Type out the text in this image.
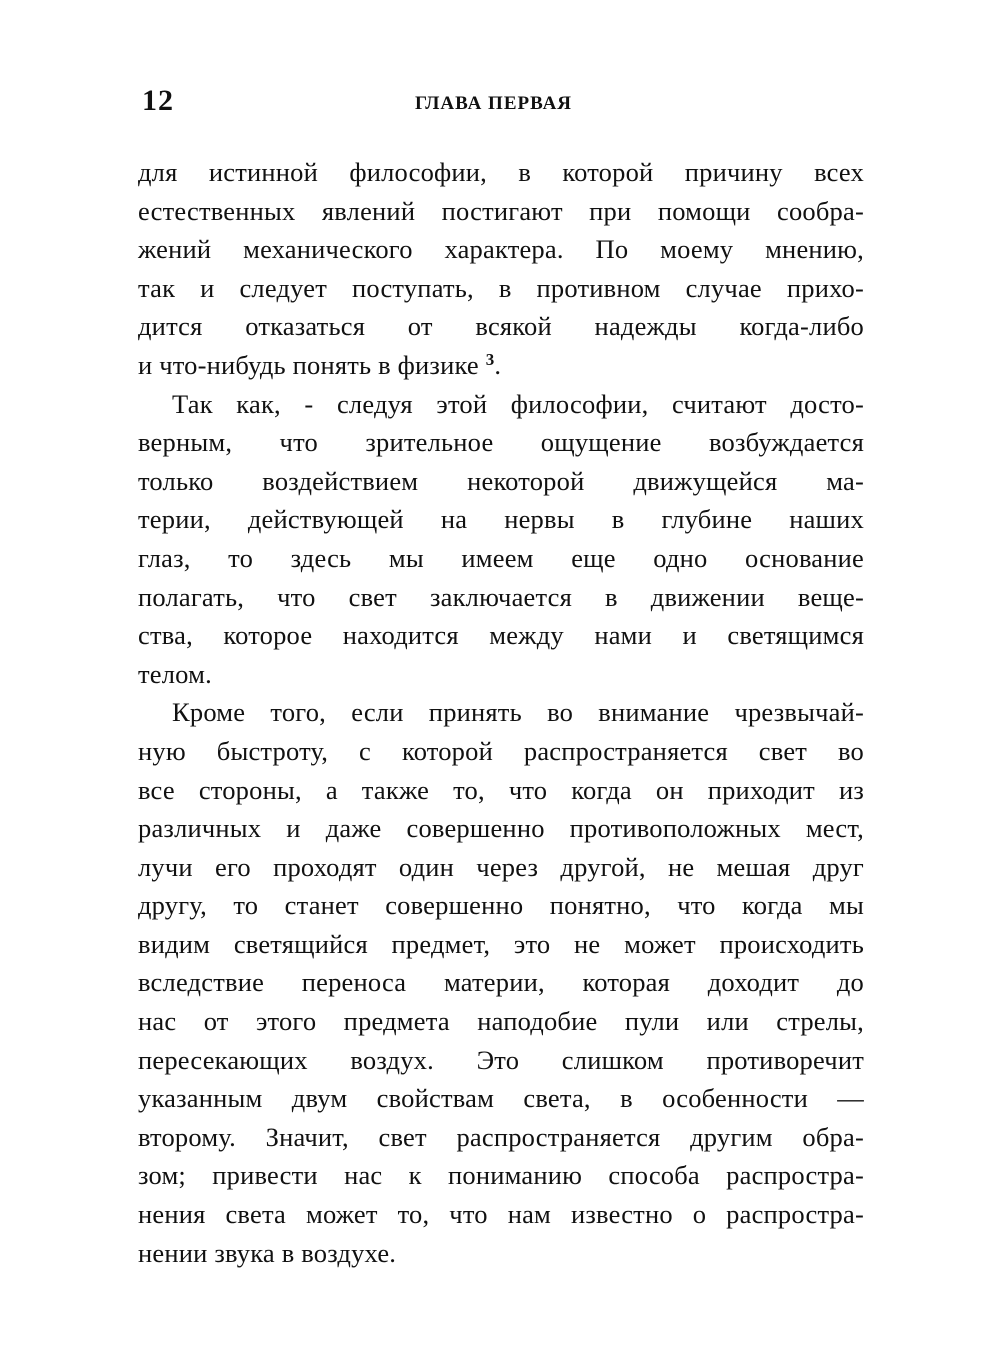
12	ГЛАВА ПЕРВАЯ
для истинной философии, в которой причину всех
естественных явлений постигают при помощи сообра-
жений механического характера. По моему мнению,
так и следует поступать, в противном случае прихо-
дится отказаться от всякой надежды когда-либо
и что-нибудь понять в физике $^3$.
Так как, - следуя этой философии, считают досто-
верным, что зрительное ощущение возбуждается
только воздействием некоторой движущейся ма-
терии, действующей на нервы в глубине наших
глаз, то здесь мы имеем еще одно основание
полагать, что свет заключается в движении веще-
ства, которое находится между нами и светящимся
телом.
Кроме того, если принять во внимание чрезвычай-
ную быстроту, с которой распространяется свет во
все стороны, а также то, что когда он приходит из
различных и даже совершенно противоположных мест,
лучи его проходят один через другой, не мешая друг
другу, то станет совершенно понятно, что когда мы
видим светящийся предмет, это не может происходить
вследствие переноса материи, которая доходит до
нас от этого предмета наподобие пули или стрелы,
пересекающих воздух. Это слишком противоречит
указанным двум свойствам света, в особенности —
второму. Значит, свет распространяется другим обра-
зом; привести нас к пониманию способа распростра-
нения света может то, что нам известно о распростра-
нении звука в воздухе.
